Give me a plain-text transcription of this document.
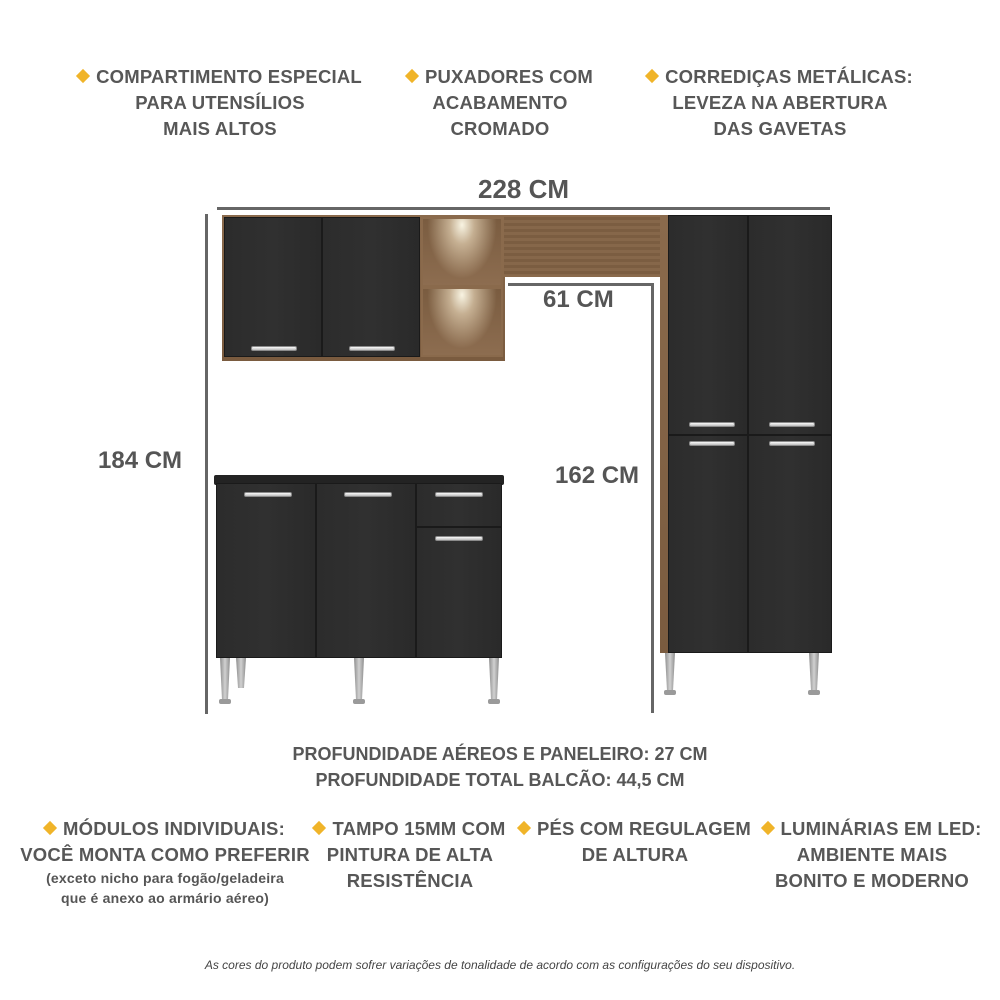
COMPARTIMENTO ESPECIAL
PARA UTENSÍLIOS
MAIS ALTOS
PUXADORES COM
ACABAMENTO
CROMADO
CORREDIÇAS METÁLICAS:
LEVEZA NA ABERTURA
DAS GAVETAS
228 CM
184 CM
61 CM
162 CM
PROFUNDIDADE AÉREOS E PANELEIRO: 27 CM
PROFUNDIDADE TOTAL BALCÃO: 44,5 CM
MÓDULOS INDIVIDUAIS:
VOCÊ MONTA COMO PREFERIR
(exceto nicho para fogão/geladeira
que é anexo ao armário aéreo)
TAMPO 15MM COM
PINTURA DE ALTA
RESISTÊNCIA
PÉS COM REGULAGEM
DE ALTURA
LUMINÁRIAS EM LED:
AMBIENTE MAIS
BONITO E MODERNO
As cores do produto podem sofrer variações de tonalidade de acordo com as configurações do seu dispositivo.
